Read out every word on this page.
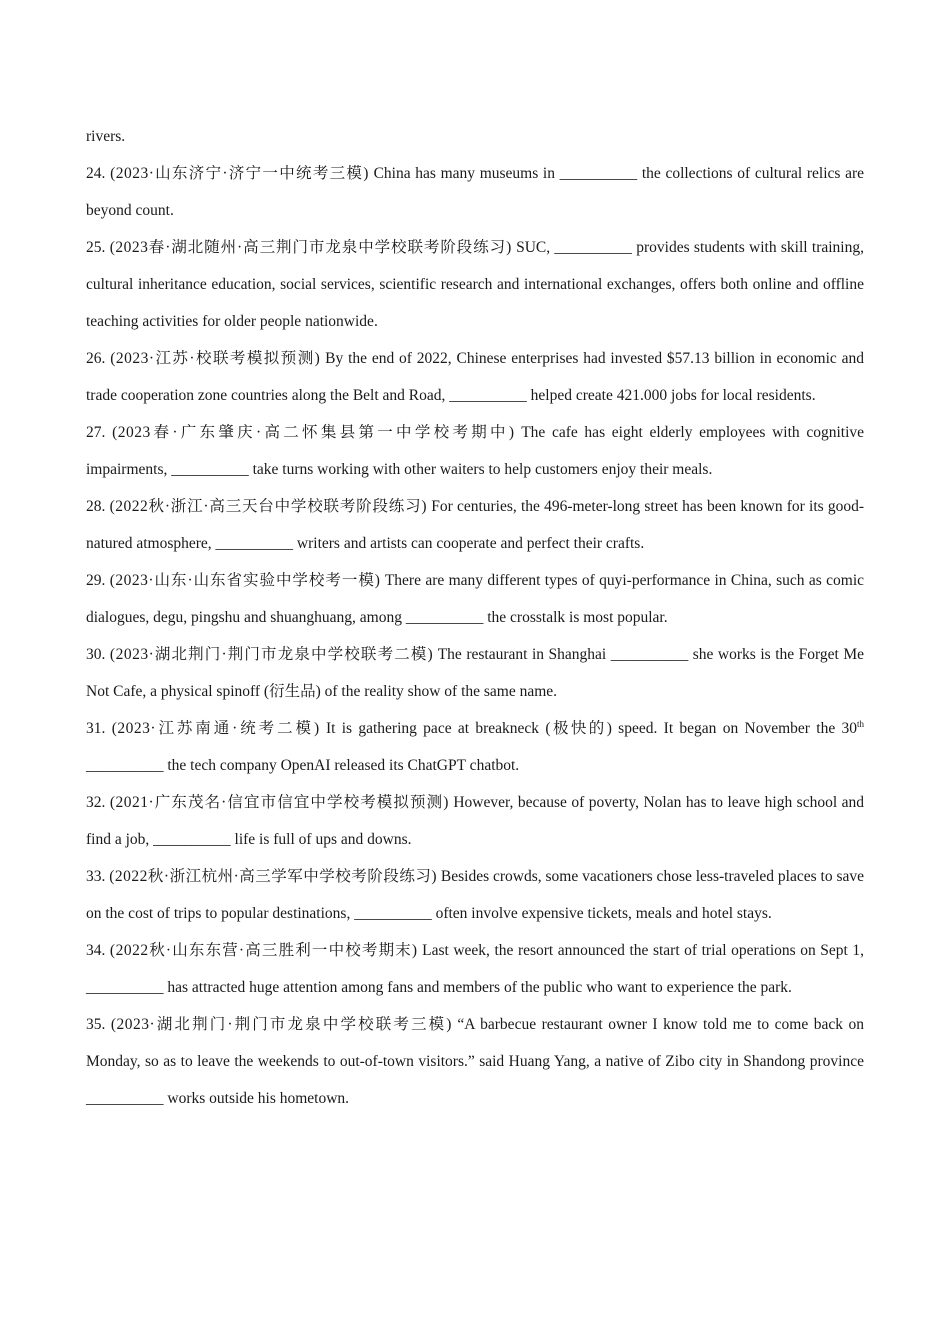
rivers.

24. (2023·山东济宁·济宁一中统考三模) China has many museums in __________ the collections of cultural relics are beyond count.

25. (2023春·湖北随州·高三荆门市龙泉中学校联考阶段练习) SUC, __________ provides students with skill training, cultural inheritance education, social services, scientific research and international exchanges, offers both online and offline teaching activities for older people nationwide.

26. (2023·江苏·校联考模拟预测) By the end of 2022, Chinese enterprises had invested $57.13 billion in economic and trade cooperation zone countries along the Belt and Road, __________ helped create 421.000 jobs for local residents.

27. (2023春·广东肇庆·高二怀集县第一中学校考期中) The cafe has eight elderly employees with cognitive impairments, __________ take turns working with other waiters to help customers enjoy their meals.

28. (2022秋·浙江·高三天台中学校联考阶段练习) For centuries, the 496-meter-long street has been known for its good-natured atmosphere, __________ writers and artists can cooperate and perfect their crafts.

29. (2023·山东·山东省实验中学校考一模) There are many different types of quyi-performance in China, such as comic dialogues, degu, pingshu and shuanghuang, among __________ the crosstalk is most popular.

30. (2023·湖北荆门·荆门市龙泉中学校联考二模) The restaurant in Shanghai __________ she works is the Forget Me Not Cafe, a physical spinoff (衍生品) of the reality show of the same name.

31. (2023·江苏南通·统考二模) It is gathering pace at breakneck (极快的) speed. It began on November the 30th __________ the tech company OpenAI released its ChatGPT chatbot.

32. (2021·广东茂名·信宜市信宜中学校考模拟预测) However, because of poverty, Nolan has to leave high school and find a job, __________ life is full of ups and downs.

33. (2022秋·浙江杭州·高三学军中学校考阶段练习) Besides crowds, some vacationers chose less-traveled places to save on the cost of trips to popular destinations, __________ often involve expensive tickets, meals and hotel stays.

34. (2022秋·山东东营·高三胜利一中校考期末) Last week, the resort announced the start of trial operations on Sept 1, __________ has attracted huge attention among fans and members of the public who want to experience the park.

35. (2023·湖北荆门·荆门市龙泉中学校联考三模) “A barbecue restaurant owner I know told me to come back on Monday, so as to leave the weekends to out-of-town visitors.” said Huang Yang, a native of Zibo city in Shandong province __________ works outside his hometown.
